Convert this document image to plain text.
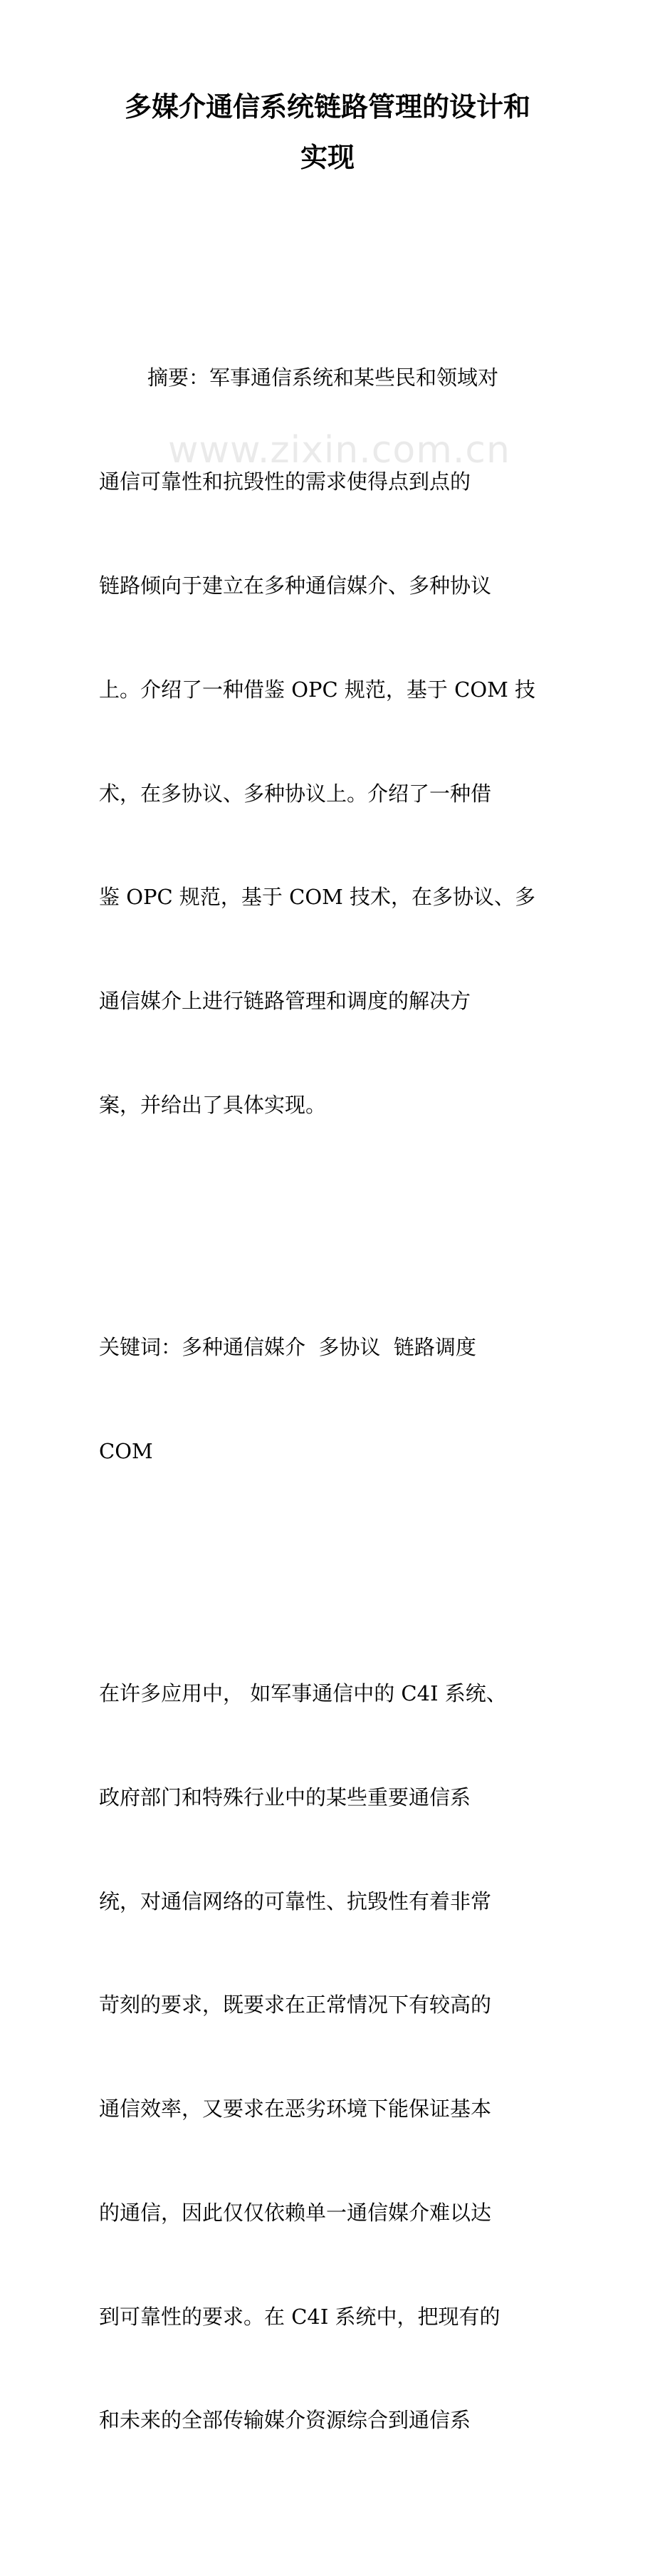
多媒介通信系统链路管理的设计和
实现

摘要：军事通信系统和某些民和领域对

通信可靠性和抗毁性的需求使得点到点的

链路倾向于建立在多种通信媒介、多种协议

上。介绍了一种借鉴 OPC 规范，基于 COM 技

术，在多协议、多种协议上。介绍了一种借

鉴 OPC 规范，基于 COM 技术，在多协议、多

通信媒介上进行链路管理和调度的解决方

案，并给出了具体实现。

关键词：多种通信媒介  多协议  链路调度

COM

在许多应用中， 如军事通信中的 C4I 系统、

政府部门和特殊行业中的某些重要通信系

统，对通信网络的可靠性、抗毁性有着非常

苛刻的要求，既要求在正常情况下有较高的

通信效率，又要求在恶劣环境下能保证基本

的通信，因此仅仅依赖单一通信媒介难以达

到可靠性的要求。在 C4I 系统中，把现有的

和未来的全部传输媒介资源综合到通信系

www.zixin.com.cn
